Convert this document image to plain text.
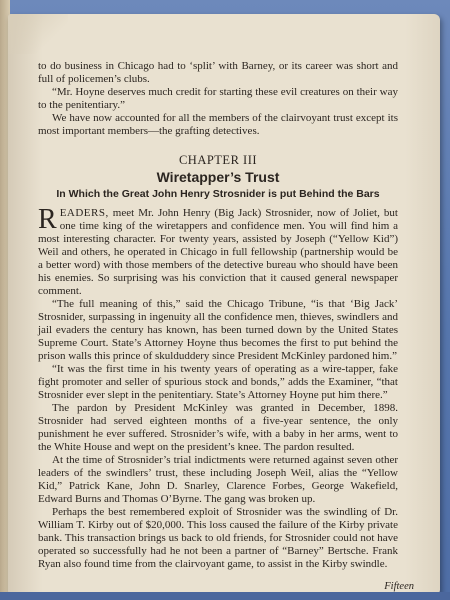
to do business in Chicago had to ‘split’ with Barney, or its career was short and full of policemen’s clubs.

“Mr. Hoyne deserves much credit for starting these evil creatures on their way to the penitentiary.”

We have now accounted for all the members of the clairvoyant trust except its most important members—the grafting detectives.

CHAPTER III
Wiretapper’s Trust
In Which the Great John Henry Strosnider is put Behind the Bars

READERS, meet Mr. John Henry (Big Jack) Strosnider, now of Joliet, but one time king of the wiretappers and confidence men. You will find him a most interesting character. For twenty years, assisted by Joseph (“Yellow Kid”) Weil and others, he operated in Chicago in full fellowship (partnership would be a better word) with those members of the detective bureau who should have been his enemies. So surprising was his conviction that it caused general newspaper comment.

“The full meaning of this,” said the Chicago Tribune, “is that ‘Big Jack’ Strosnider, surpassing in ingenuity all the confidence men, thieves, swindlers and jail evaders the century has known, has been turned down by the United States Supreme Court. State’s Attorney Hoyne thus becomes the first to put behind the prison walls this prince of skulduddery since President McKinley pardoned him.”

“It was the first time in his twenty years of operating as a wire-tapper, fake fight promoter and seller of spurious stock and bonds,” adds the Examiner, “that Strosnider ever slept in the penitentiary. State’s Attorney Hoyne put him there.”

The pardon by President McKinley was granted in December, 1898. Strosnider had served eighteen months of a five-year sentence, the only punishment he ever suffered. Strosnider’s wife, with a baby in her arms, went to the White House and wept on the president’s knee. The pardon resulted.

At the time of Strosnider’s trial indictments were returned against seven other leaders of the swindlers’ trust, these including Joseph Weil, alias the “Yellow Kid,” Patrick Kane, John D. Snarley, Clarence Forbes, George Wakefield, Edward Burns and Thomas O’Byrne. The gang was broken up.

Perhaps the best remembered exploit of Strosnider was the swindling of Dr. William T. Kirby out of $20,000. This loss caused the failure of the Kirby private bank. This transaction brings us back to old friends, for Strosnider could not have operated so successfully had he not been a partner of “Barney” Bertsche. Frank Ryan also found time from the clairvoyant game, to assist in the Kirby swindle.

Fifteen
